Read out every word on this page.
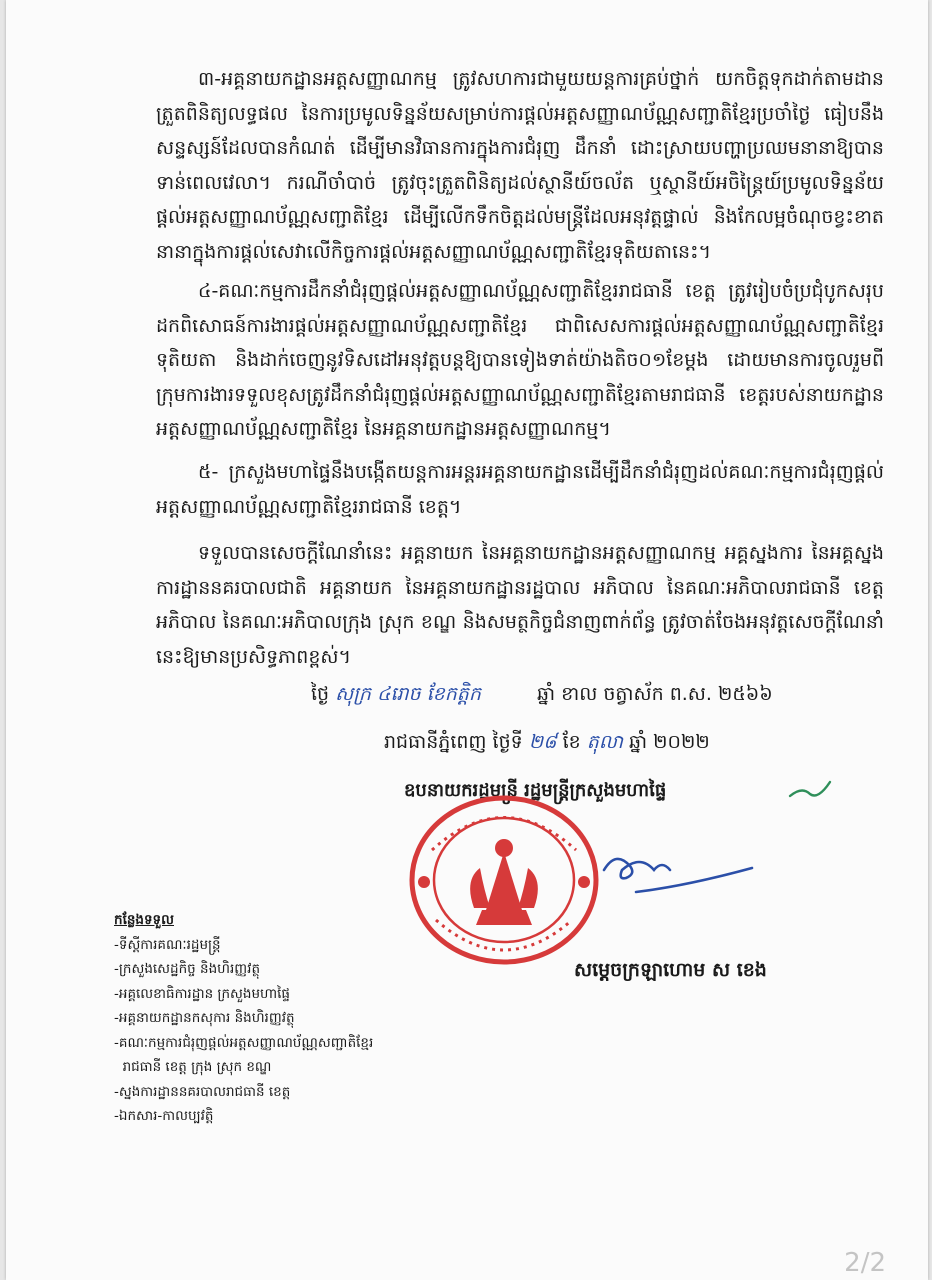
៣-អគ្គនាយកដ្ឋានអត្តសញ្ញាណកម្ម ត្រូវសហការជាមួយយន្តការគ្រប់ថ្នាក់ យកចិត្តទុកដាក់តាមដាន ត្រួតពិនិត្យលទ្ធផល នៃការប្រមូលទិន្នន័យសម្រាប់ការផ្តល់អត្តសញ្ញាណប័ណ្ណសញ្ជាតិខ្មែរប្រចាំថ្ងៃ ធៀបនឹងសន្ទស្សន៍ដែលបានកំណត់ ដើម្បីមានវិធានការក្នុងការជំរុញ ដឹកនាំ ដោះស្រាយបញ្ហាប្រឈមនានាឱ្យបានទាន់ពេលវេលា។ ករណីចាំបាច់ ត្រូវចុះត្រួតពិនិត្យដល់ស្ថានីយ៍ចល័ត ឬស្ថានីយ៍អចិន្ត្រៃយ៍ប្រមូលទិន្នន័យផ្តល់អត្តសញ្ញាណប័ណ្ណសញ្ជាតិខ្មែរ ដើម្បីលើកទឹកចិត្តដល់មន្ត្រីដែលអនុវត្តផ្ទាល់ និងកែលម្អចំណុចខ្វះខាតនានាក្នុងការផ្តល់សេវាលើកិច្ចការផ្តល់អត្តសញ្ញាណប័ណ្ណសញ្ជាតិខ្មែរទុតិយតានេះ។

៤-គណៈកម្មការដឹកនាំជំរុញផ្តល់អត្តសញ្ញាណប័ណ្ណសញ្ជាតិខ្មែររាជធានី ខេត្ត ត្រូវរៀបចំប្រជុំបូកសរុបដកពិសោធន៍ការងារផ្តល់អត្តសញ្ញាណប័ណ្ណសញ្ជាតិខ្មែរ ជាពិសេសការផ្តល់អត្តសញ្ញាណប័ណ្ណសញ្ជាតិខ្មែរទុតិយតា និងដាក់ចេញនូវទិសដៅអនុវត្តបន្តឱ្យបានទៀងទាត់យ៉ាងតិច០១ខែម្តង ដោយមានការចូលរួមពីក្រុមការងារទទួលខុសត្រូវដឹកនាំជំរុញផ្តល់អត្តសញ្ញាណប័ណ្ណសញ្ជាតិខ្មែរតាមរាជធានី ខេត្តរបស់នាយកដ្ឋានអត្តសញ្ញាណប័ណ្ណសញ្ជាតិខ្មែរ នៃអគ្គនាយកដ្ឋានអត្តសញ្ញាណកម្ម។

៥- ក្រសួងមហាផ្ទៃនឹងបង្កើតយន្តការអន្តរអគ្គនាយកដ្ឋានដើម្បីដឹកនាំជំរុញដល់គណៈកម្មការជំរុញផ្តល់អត្តសញ្ញាណប័ណ្ណសញ្ជាតិខ្មែររាជធានី ខេត្ត។

ទទួលបានសេចក្តីណែនាំនេះ អគ្គនាយក នៃអគ្គនាយកដ្ឋានអត្តសញ្ញាណកម្ម អគ្គស្នងការ នៃអគ្គស្នងការដ្ឋាននគរបាលជាតិ អគ្គនាយក នៃអគ្គនាយកដ្ឋានរដ្ឋបាល អភិបាល នៃគណៈអភិបាលរាជធានី ខេត្ត អភិបាល នៃគណៈអភិបាលក្រុង ស្រុក ខណ្ឌ និងសមត្ថកិច្ចជំនាញពាក់ព័ន្ធ ត្រូវចាត់ចែងអនុវត្តសេចក្តីណែនាំនេះឱ្យមានប្រសិទ្ធភាពខ្ពស់។

ថ្ងៃ សុក្រ ៤រោច ខែកត្តិក	ឆ្នាំ ខាល ចត្វាស័ក ព.ស. ២៥៦៦
រាជធានីភ្នំពេញ ថ្ងៃទី ២៨ ខែ តុលា ឆ្នាំ ២០២២
ឧបនាយករដ្ឋមន្ត្រី រដ្ឋមន្ត្រីក្រសួងមហាផ្ទៃ
សម្តេចក្រឡាហោម ស ខេង
កន្លែងទទួល
-ទីស្តីការគណៈរដ្ឋមន្ត្រី
-ក្រសួងសេដ្ឋកិច្ច និងហិរញ្ញវត្ថុ
-អគ្គលេខាធិការដ្ឋាន ក្រសួងមហាផ្ទៃ
-អគ្គនាយកដ្ឋានកសុការ និងហិរញ្ញវត្ថុ
-គណៈកម្មការជំរុញផ្តល់អត្តសញ្ញាណប័ណ្ណសញ្ជាតិខ្មែរ
រាជធានី ខេត្ត ក្រុង ស្រុក ខណ្ឌ
-ស្នងការដ្ឋាននគរបាលរាជធានី ខេត្ត
-ឯកសារ-កាលប្បវត្តិ
2/2
